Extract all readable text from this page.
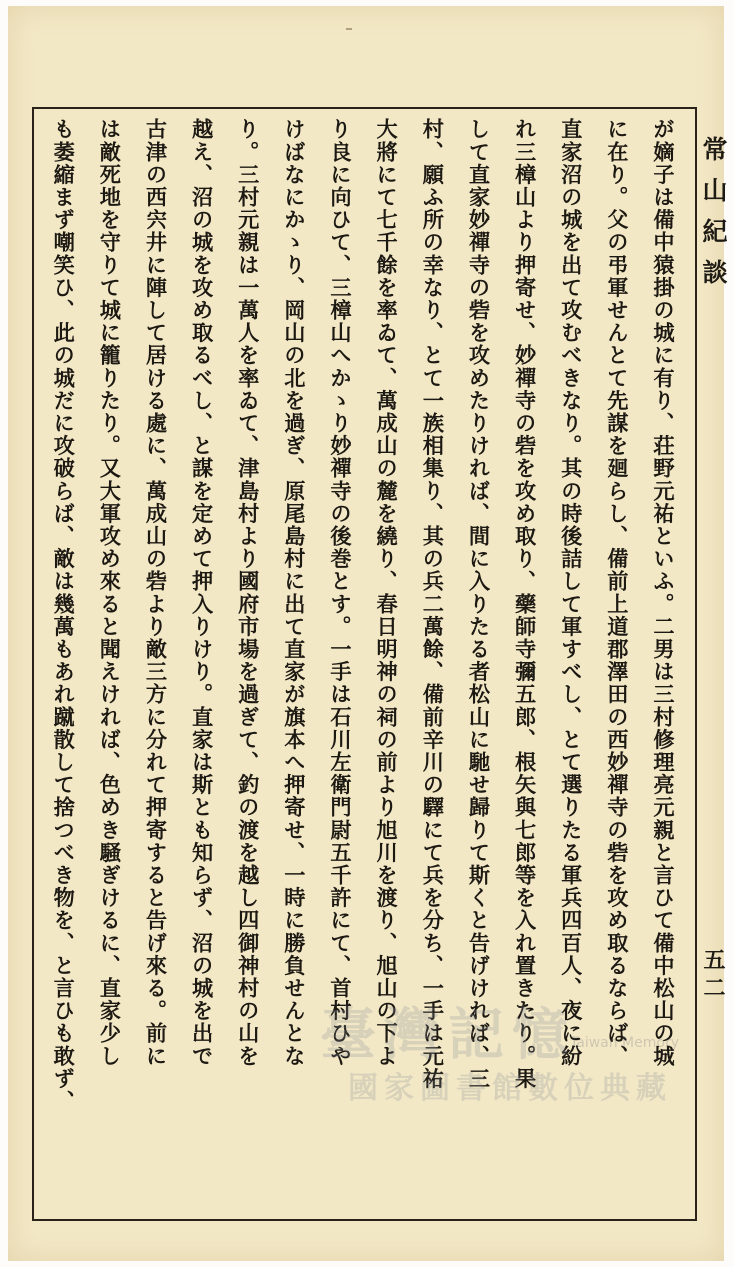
常山紀談
五二
が嫡子は備中猿掛の城に有り、荘野元祐といふ。二男は三村修理亮元親と言ひて備中松山の城
に在り。父の弔軍せんとて先謀を廻らし、備前上道郡澤田の西妙禪寺の砦を攻め取るならば、
直家沼の城を出て攻むべきなり。其の時後詰して軍すべし、とて選りたる軍兵四百人、夜に紛
れ三樟山より押寄せ、妙禪寺の砦を攻め取り、藥師寺彌五郎、根矢與七郎等を入れ置きたり。果
して直家妙禪寺の砦を攻めたりければ、間に入りたる者松山に馳せ歸りて斯くと告げければ、三
村、願ふ所の幸なり、とて一族相集り、其の兵二萬餘、備前辛川の驛にて兵を分ち、一手は元祐
大將にて七千餘を率ゐて、萬成山の麓を繞り、春日明神の祠の前より旭川を渡り、旭山の下よ
り良に向ひて、三樟山へかゝり妙禪寺の後巻とす。一手は石川左衛門尉五千許にて、首村ひや
けばなにかゝり、岡山の北を過ぎ、原尾島村に出て直家が旗本へ押寄せ、一時に勝負せんとな
り。三村元親は一萬人を率ゐて、津島村より國府市場を過ぎて、釣の渡を越し四御神村の山を
越え、沼の城を攻め取るべし、と謀を定めて押入りけり。直家は斯とも知らず、沼の城を出で
古津の西宍井に陣して居ける處に、萬成山の砦より敵三方に分れて押寄すると告げ來る。前に
は敵死地を守りて城に籠りたり。又大軍攻め來ると聞えければ、色めき騒ぎけるに、直家少し
も萎縮まず嘲笑ひ、此の城だに攻破らば、敵は幾萬もあれ蹴散して捨つべき物を、と言ひも敢ず、	臺灣記憶
Taiwan Memory
國家圖書館數位典藏
